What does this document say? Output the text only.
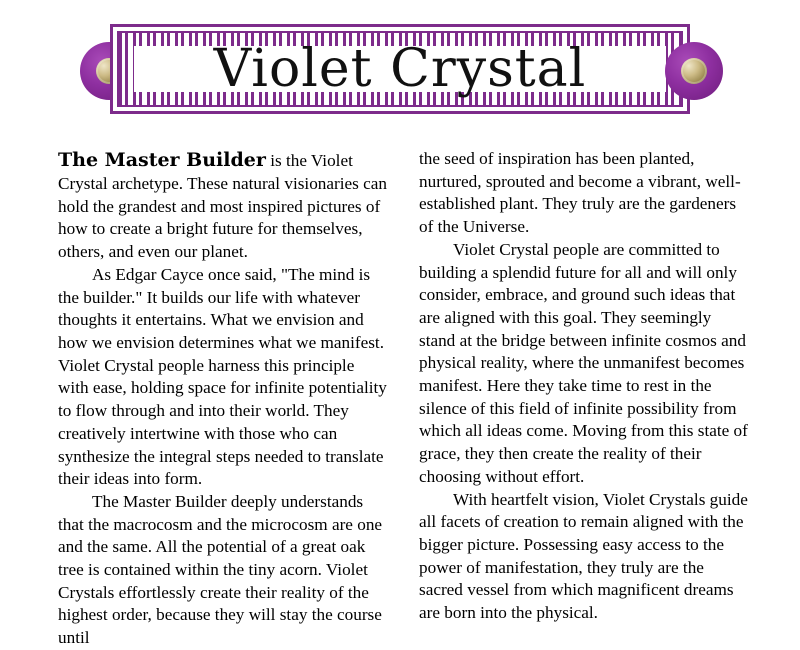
Violet Crystal

The Master Builder is the Violet Crystal archetype. These natural visionaries can hold the grandest and most inspired pictures of how to create a bright future for themselves, others, and even our planet.

As Edgar Cayce once said, "The mind is the builder." It builds our life with whatever thoughts it entertains. What we envision and how we envision determines what we manifest. Violet Crystal people harness this principle with ease, holding space for infinite potentiality to flow through and into their world. They creatively intertwine with those who can synthesize the integral steps needed to translate their ideas into form.

The Master Builder deeply understands that the macrocosm and the microcosm are one and the same. All the potential of a great oak tree is contained within the tiny acorn. Violet Crystals effortlessly create their reality of the highest order, because they will stay the course until

the seed of inspiration has been planted, nurtured, sprouted and become a vibrant, well-established plant. They truly are the gardeners of the Universe.

Violet Crystal people are committed to building a splendid future for all and will only consider, embrace, and ground such ideas that are aligned with this goal. They seemingly stand at the bridge between infinite cosmos and physical reality, where the unmanifest becomes manifest. Here they take time to rest in the silence of this field of infinite possibility from which all ideas come. Moving from this state of grace, they then create the reality of their choosing without effort.

With heartfelt vision, Violet Crystals guide all facets of creation to remain aligned with the bigger picture. Possessing easy access to the power of manifestation, they truly are the sacred vessel from which magnificent dreams are born into the physical.
